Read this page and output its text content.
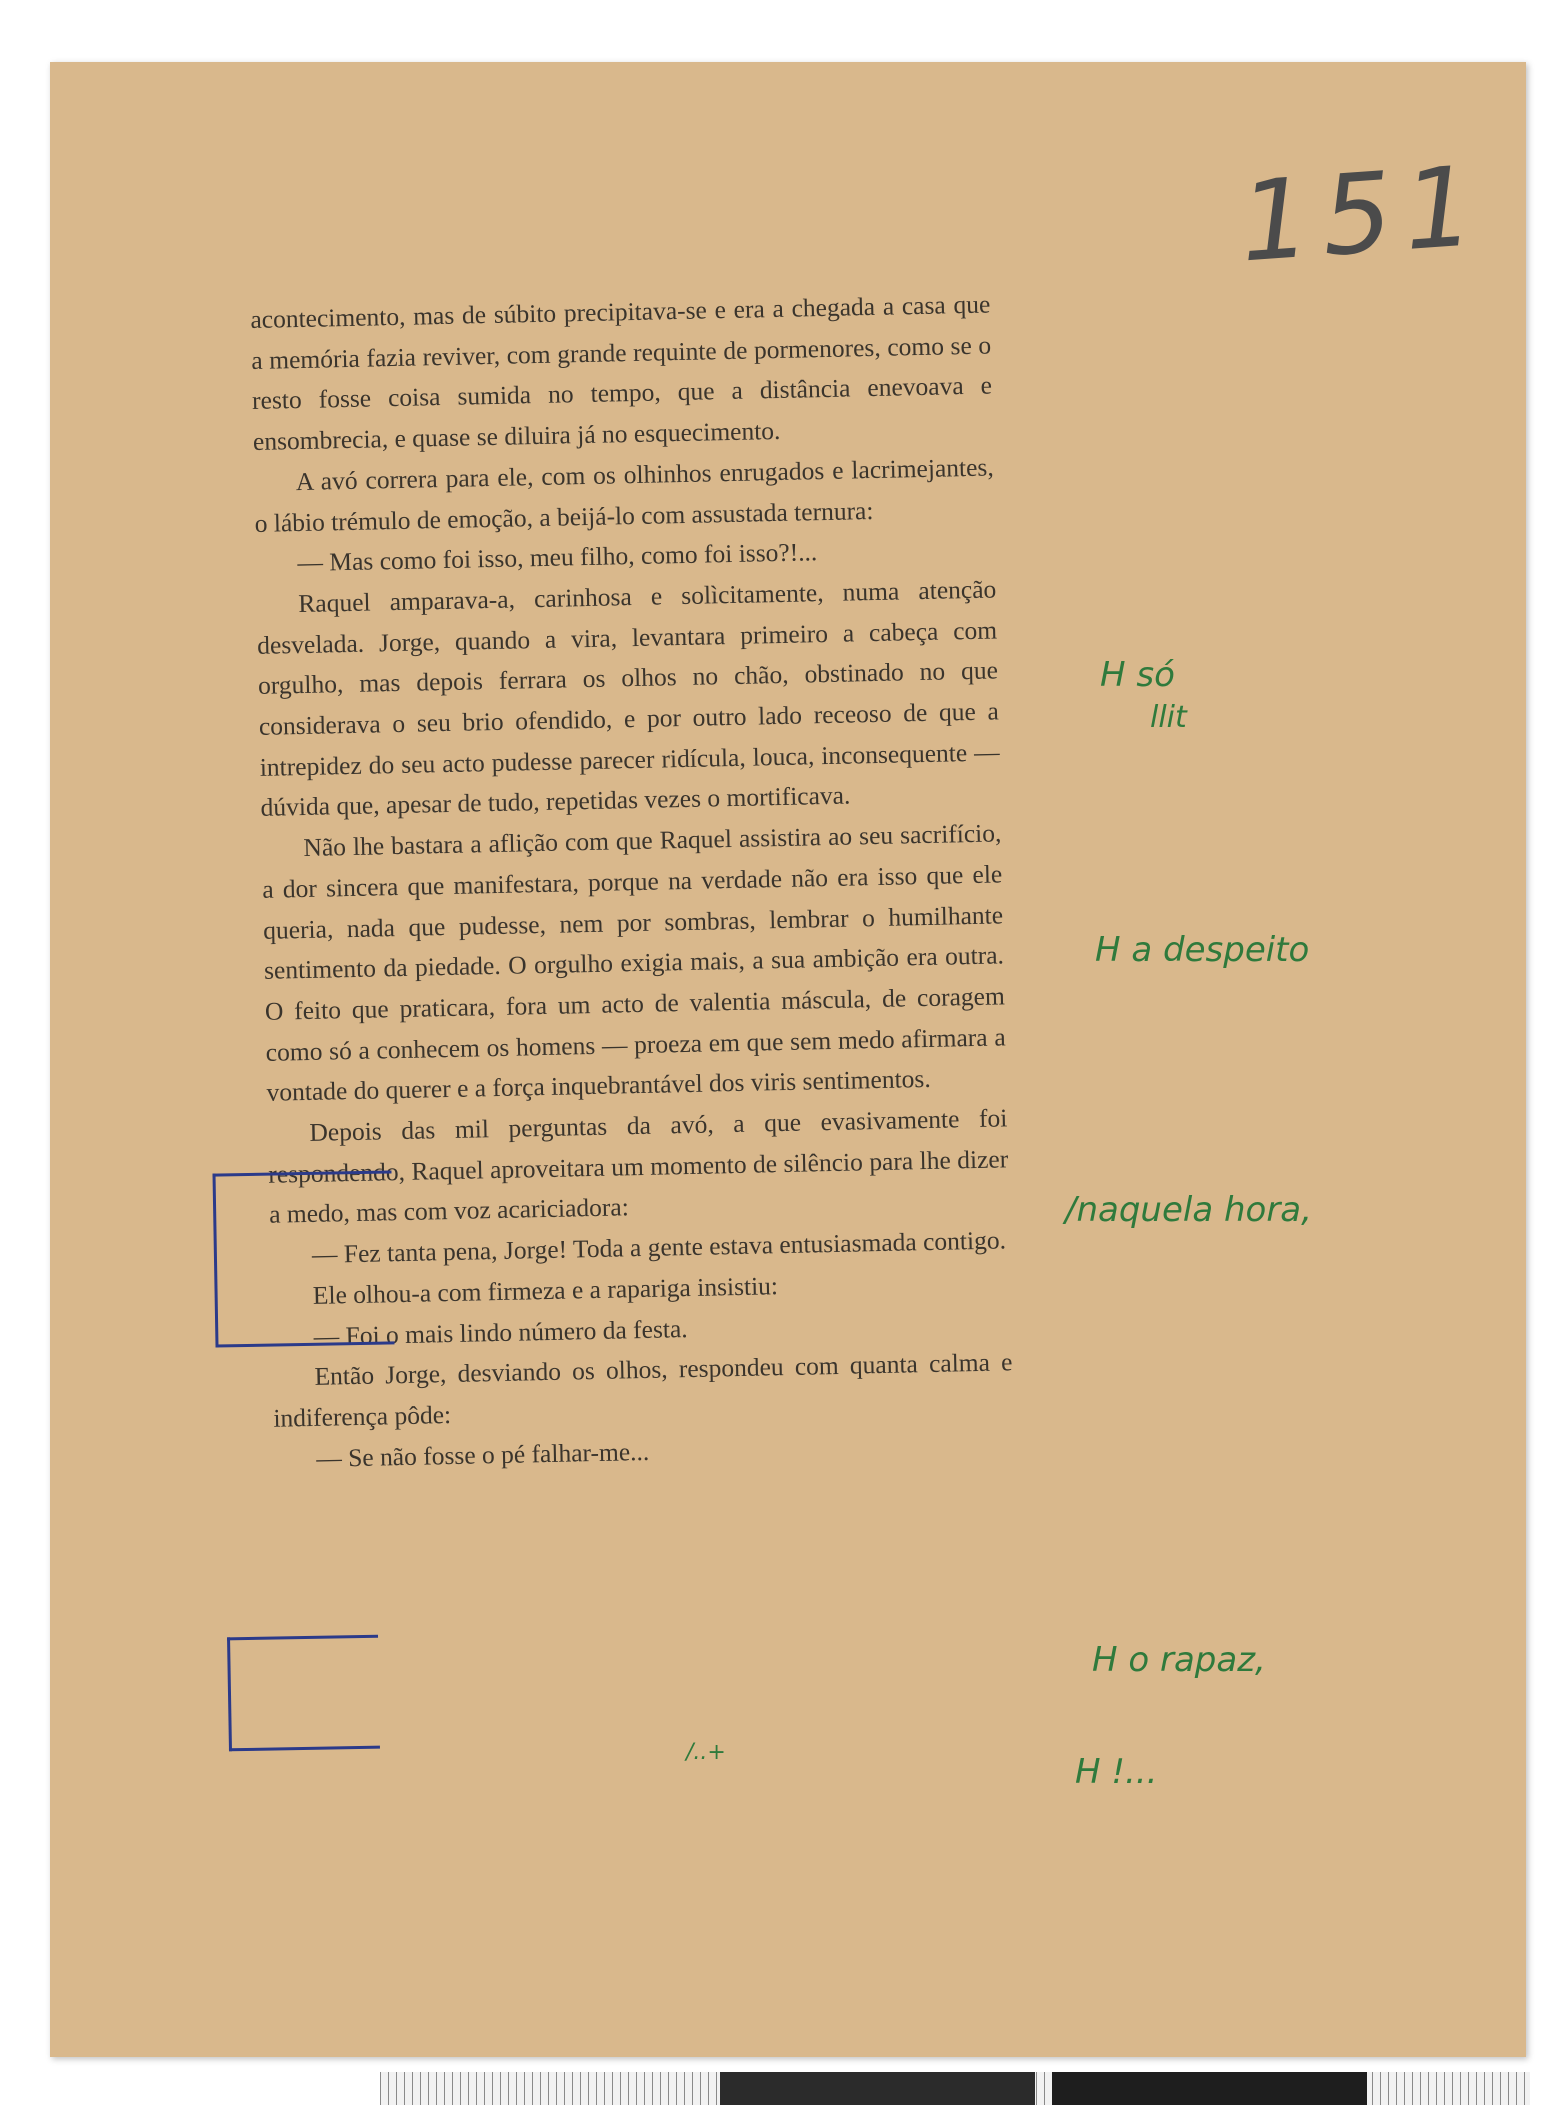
151

acontecimento, mas de súbito precipitava-se e era a chegada a casa que a memória fazia reviver, com grande requinte de pormenores, como se o resto fosse coisa sumida no tempo, que a distância enevoava e ensombrecia, e quase se diluira já no esquecimento.

A avó correra para ele, com os olhinhos enrugados e lacrimejantes, o lábio trémulo de emoção, a beijá-lo com assustada ternura:

— Mas como foi isso, meu filho, como foi isso?!...

Raquel amparava-a, carinhosa e solìcitamente, numa atenção desvelada. Jorge, quando a vira, levantara primeiro a cabeça com orgulho, mas depois ferrara os olhos no chão, obstinado no que considerava o seu brio ofendido, e por outro lado receoso de que a intrepidez do seu acto pudesse parecer ridícula, louca, inconsequente — dúvida que, apesar de tudo, repetidas vezes o mortificava.

Não lhe bastara a aflição com que Raquel assistira ao seu sacrifício, a dor sincera que manifestara, porque na verdade não era isso que ele queria, nada que pudesse, nem por sombras, lembrar o humilhante sentimento da piedade. O orgulho exigia mais, a sua ambição era outra. O feito que praticara, fora um acto de valentia máscula, de coragem como só a conhecem os homens — proeza em que sem medo afirmara a vontade do querer e a força inquebrantável dos viris sentimentos.

Depois das mil perguntas da avó, a que evasivamente foi respondendo, Raquel aproveitara um momento de silêncio para lhe dizer a medo, mas com voz acariciadora:

— Fez tanta pena, Jorge! Toda a gente estava entusiasmada contigo.

Ele olhou-a com firmeza e a rapariga insistiu:

— Foi o mais lindo número da festa.

Então Jorge, desviando os olhos, respondeu com quanta calma e indiferença pôde:

— Se não fosse o pé falhar-me...

/..+
H só
llit
H a despeito
/naquela hora,
H o rapaz,
H !...
